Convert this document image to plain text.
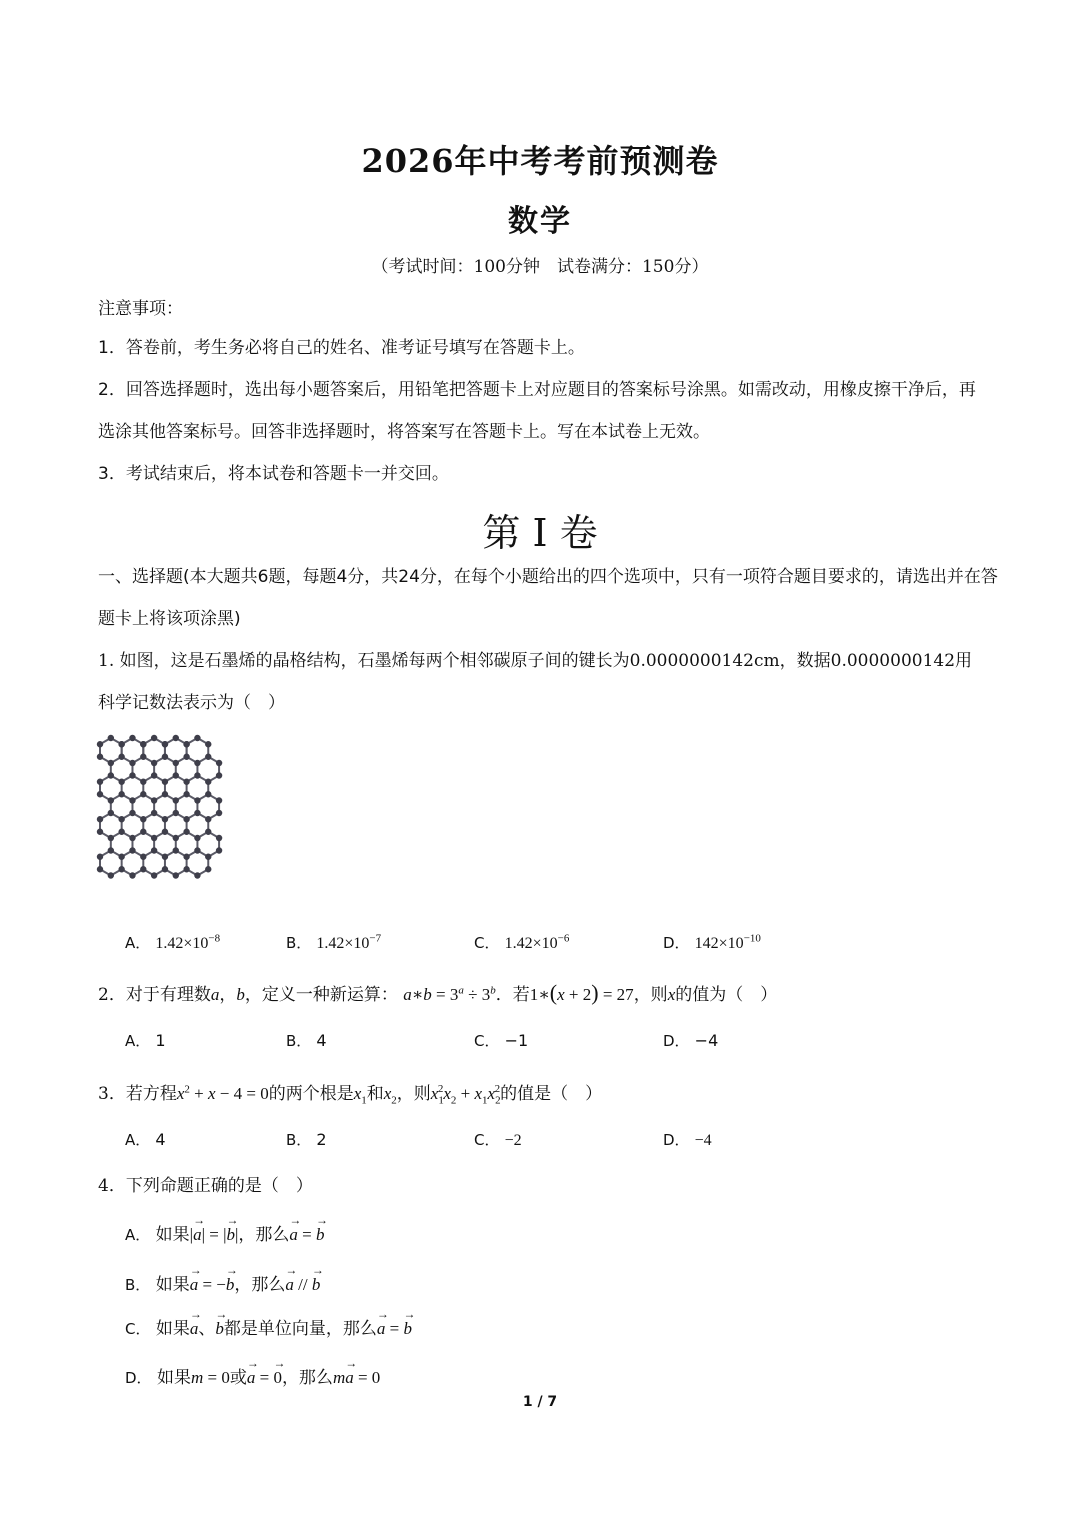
2026年中考考前预测卷
数学
（考试时间：100分钟　试卷满分：150分）
注意事项：
1．答卷前，考生务必将自己的姓名、准考证号填写在答题卡上。
2．回答选择题时，选出每小题答案后，用铅笔把答题卡上对应题目的答案标号涂黑。如需改动，用橡皮擦干净后，再选涂其他答案标号。回答非选择题时，将答案写在答题卡上。写在本试卷上无效。
3．考试结束后，将本试卷和答题卡一并交回。
第 I 卷
一、选择题(本大题共6题，每题4分，共24分，在每个小题给出的四个选项中，只有一项符合题目要求的，请选出并在答题卡上将该项涂黑)
1. 如图，这是石墨烯的晶格结构，石墨烯每两个相邻碳原子间的键长为0.0000000142cm，数据0.0000000142用科学记数法表示为（　）
A． $1.42\times 10^{-8}$	B． $1.42\times 10^{-7}$	C． $1.42\times 10^{-6}$	D． $142\times 10^{-10}$
2．对于有理数a，b，定义一种新运算： a∗b = $3^a \div 3^b$．若1∗(x + 2) = 27，则x的值为（　）
A． 1	B． 4	C． −1	D． −4
3．若方程$x^2 + x - 4 = 0$的两个根是$x_1$和$x_2$，则$x_1^2x_2 + x_1x_2^2$的值是（　）
A． 4	B． 2	C． −2	D． −4
4．下列命题正确的是（　）
A． 如果|→ a| = |→ b|，那么→ a = → b
B． 如果→ a = −→ b，那么→ a // → b
C． 如果→ a、→ b都是单位向量，那么→ a = → b
D． 如果m = 0或→ a = → 0，那么m→ a = 0
1 / 7
